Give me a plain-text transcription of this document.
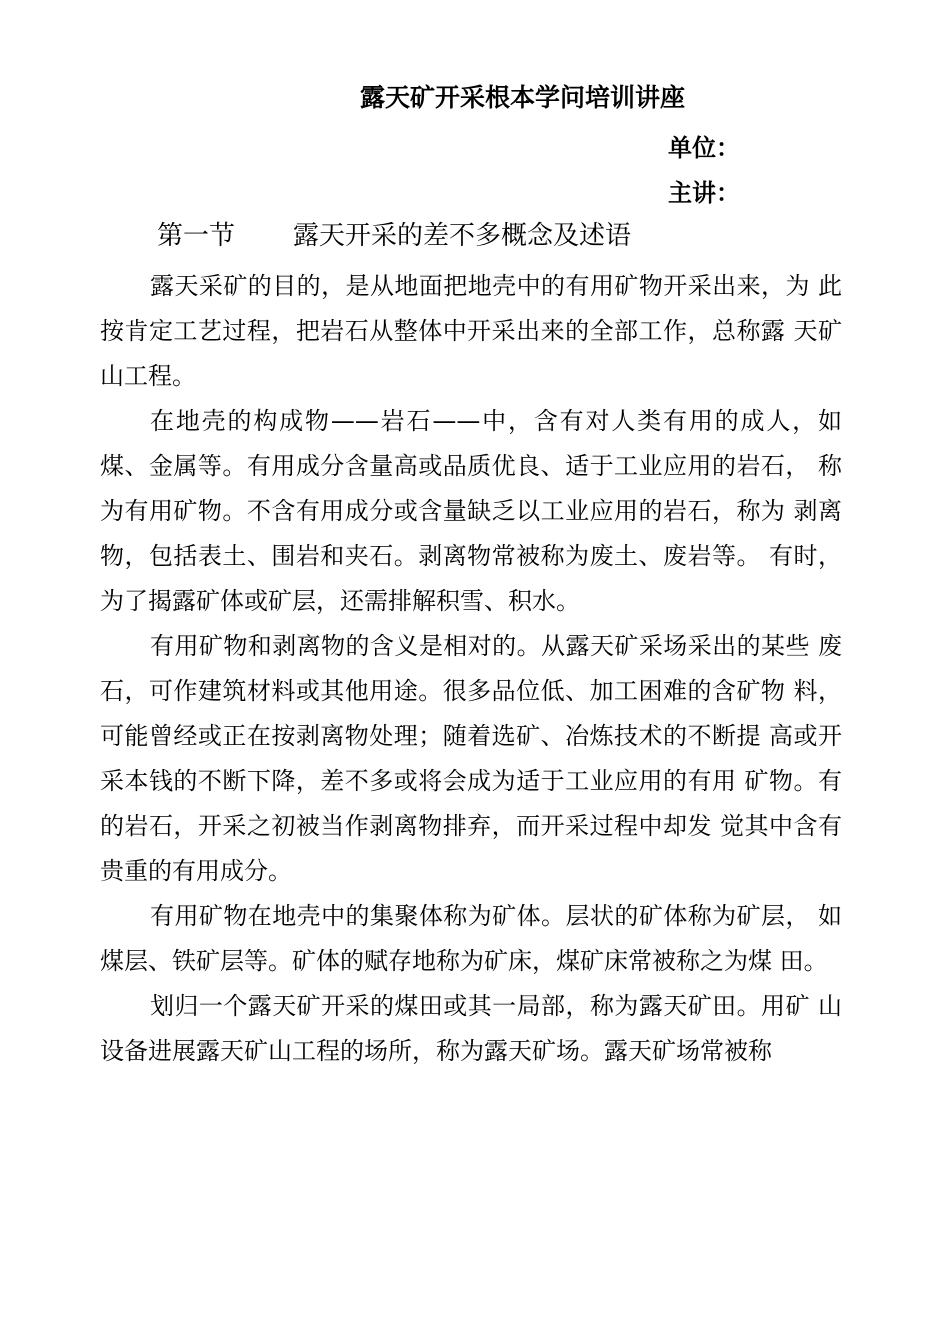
露天矿开采根本学问培训讲座
单位：
主讲：
第一节 露天开采的差不多概念及述语

露天采矿的目的，是从地面把地壳中的有用矿物开采出来，为 此按肯定工艺过程，把岩石从整体中开采出来的全部工作，总称露 天矿山工程。

在地壳的构成物——岩石——中，含有对人类有用的成人，如煤、金属等。有用成分含量高或品质优良、适于工业应用的岩石， 称为有用矿物。不含有用成分或含量缺乏以工业应用的岩石，称为 剥离物，包括表土、围岩和夹石。剥离物常被称为废土、废岩等。 有时，为了揭露矿体或矿层，还需排解积雪、积水。

有用矿物和剥离物的含义是相对的。从露天矿采场采出的某些 废石，可作建筑材料或其他用途。很多品位低、加工困难的含矿物 料，可能曾经或正在按剥离物处理；随着选矿、冶炼技术的不断提 高或开采本钱的不断下降，差不多或将会成为适于工业应用的有用 矿物。有的岩石，开采之初被当作剥离物排弃，而开采过程中却发 觉其中含有贵重的有用成分。

有用矿物在地壳中的集聚体称为矿体。层状的矿体称为矿层， 如煤层、铁矿层等。矿体的赋存地称为矿床，煤矿床常被称之为煤 田。

划归一个露天矿开采的煤田或其一局部，称为露天矿田。用矿 山设备进展露天矿山工程的场所，称为露天矿场。露天矿场常被称
